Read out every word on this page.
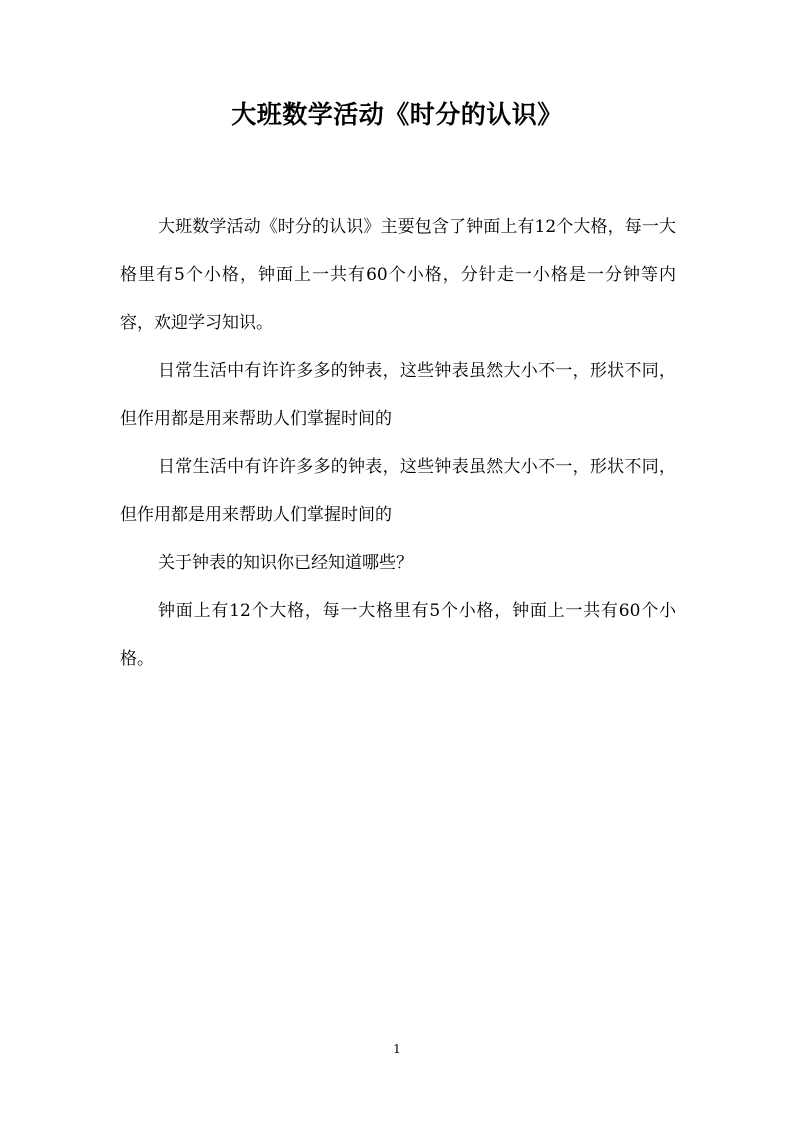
大班数学活动《时分的认识》

大班数学活动《时分的认识》主要包含了钟面上有12个大格，每一大格里有5个小格，钟面上一共有60个小格，分针走一小格是一分钟等内容，欢迎学习知识。

日常生活中有许许多多的钟表，这些钟表虽然大小不一，形状不同，但作用都是用来帮助人们掌握时间的

日常生活中有许许多多的钟表，这些钟表虽然大小不一，形状不同，但作用都是用来帮助人们掌握时间的

关于钟表的知识你已经知道哪些？

钟面上有12个大格，每一大格里有5个小格，钟面上一共有60个小格。

1
